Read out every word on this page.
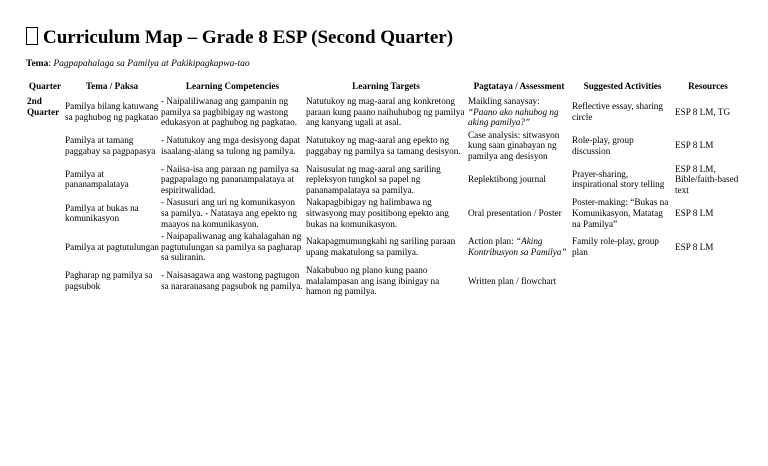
Curriculum Map – Grade 8 ESP (Second Quarter)
Tema: Pagpapahalaga sa Pamilya at Pakikipagkapwa-tao
Quarter	Tema / Paksa	Learning Competencies	Learning Targets	Pagtataya / Assessment	Suggested Activities	Resources
2nd Quarter	Pamilya bilang katuwang sa paghubog ng pagkatao	- Naipaliliwanag ang gampanin ng pamilya sa pagbibigay ng wastong edukasyon at paghubog ng pagkatao.	Natutukoy ng mag-aaral ang konkretong paraan kung paano naihuhubog ng pamilya ang kanyang ugali at asal.	Maikling sanaysay: “Paano ako nahubog ng aking pamilya?”	Reflective essay, sharing circle	ESP 8 LM, TG
	Pamilya at tamang paggabay sa pagpapasya	- Natutukoy ang mga desisyong dapat isaalang-alang sa tulong ng pamilya.	Natutukoy ng mag-aaral ang epekto ng paggabay ng pamilya sa tamang desisyon.	Case analysis: sitwasyon kung saan ginabayan ng pamilya ang desisyon	Role-play, group discussion	ESP 8 LM
	Pamilya at pananampalataya	- Naiisa-isa ang paraan ng pamilya sa pagpapalago ng pananampalataya at espiritwalidad.	Naisusulat ng mag-aaral ang sariling repleksyon tungkol sa papel ng pananampalataya sa pamilya.	Replektibong journal	Prayer-sharing, inspirational story telling	ESP 8 LM, Bible/faith-based text
	Pamilya at bukas na komunikasyon	- Nasusuri ang uri ng komunikasyon sa pamilya. - Natataya ang epekto ng maayos na komunikasyon.	Nakapagbibigay ng halimbawa ng sitwasyong may positibong epekto ang bukas na komunikasyon.	Oral presentation / Poster	Poster-making: “Bukas na Komunikasyon, Matatag na Pamilya”	ESP 8 LM
	Pamilya at pagtutulungan	- Naipapaliwanag ang kahalagahan ng pagtutulungan sa pamilya sa pagharap sa suliranin.	Nakapagmumungkahi ng sariling paraan upang makatulong sa pamilya.	Action plan: “Aking Kontribusyon sa Pamilya”	Family role-play, group plan	ESP 8 LM
	Pagharap ng pamilya sa pagsubok	- Naisasagawa ang wastong pagtugon sa nararanasang pagsubok ng pamilya.	Nakabubuo ng plano kung paano malalampasan ang isang ibinigay na hamon ng pamilya.	Written plan / flowchart		
